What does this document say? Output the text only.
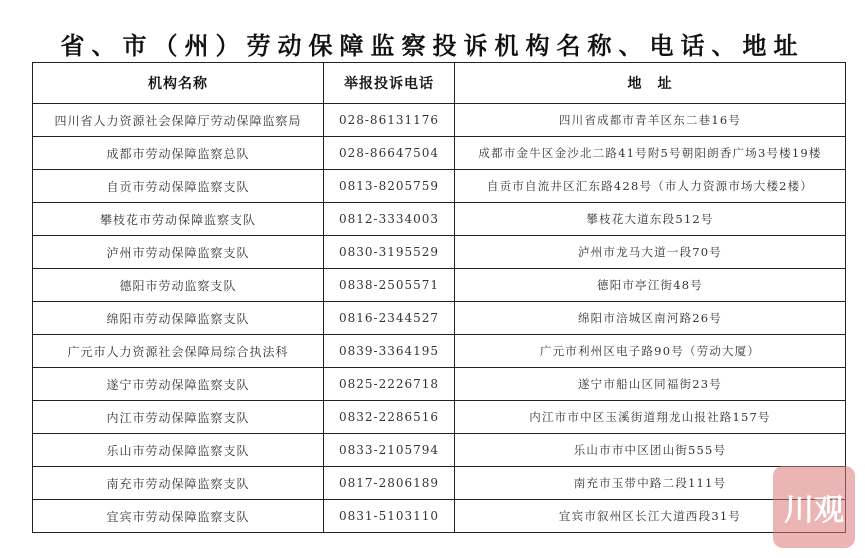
省、市（州）劳动保障监察投诉机构名称、电话、地址
机构名称	举报投诉电话	地　址
四川省人力资源社会保障厅劳动保障监察局	028-86131176	四川省成都市青羊区东二巷16号
成都市劳动保障监察总队	028-86647504	成都市金牛区金沙北二路41号附5号朝阳朗香广场3号楼19楼
自贡市劳动保障监察支队	0813-8205759	自贡市自流井区汇东路428号（市人力资源市场大楼2楼）
攀枝花市劳动保障监察支队	0812-3334003	攀枝花大道东段512号
泸州市劳动保障监察支队	0830-3195529	泸州市龙马大道一段70号
德阳市劳动监察支队	0838-2505571	德阳市亭江街48号
绵阳市劳动保障监察支队	0816-2344527	绵阳市涪城区南河路26号
广元市人力资源社会保障局综合执法科	0839-3364195	广元市利州区电子路90号（劳动大厦）
遂宁市劳动保障监察支队	0825-2226718	遂宁市船山区同福街23号
内江市劳动保障监察支队	0832-2286516	内江市市中区玉溪街道翔龙山报社路157号
乐山市劳动保障监察支队	0833-2105794	乐山市市中区团山街555号
南充市劳动保障监察支队	0817-2806189	南充市玉带中路二段111号
宜宾市劳动保障监察支队	0831-5103110	宜宾市叙州区长江大道西段31号 川观
